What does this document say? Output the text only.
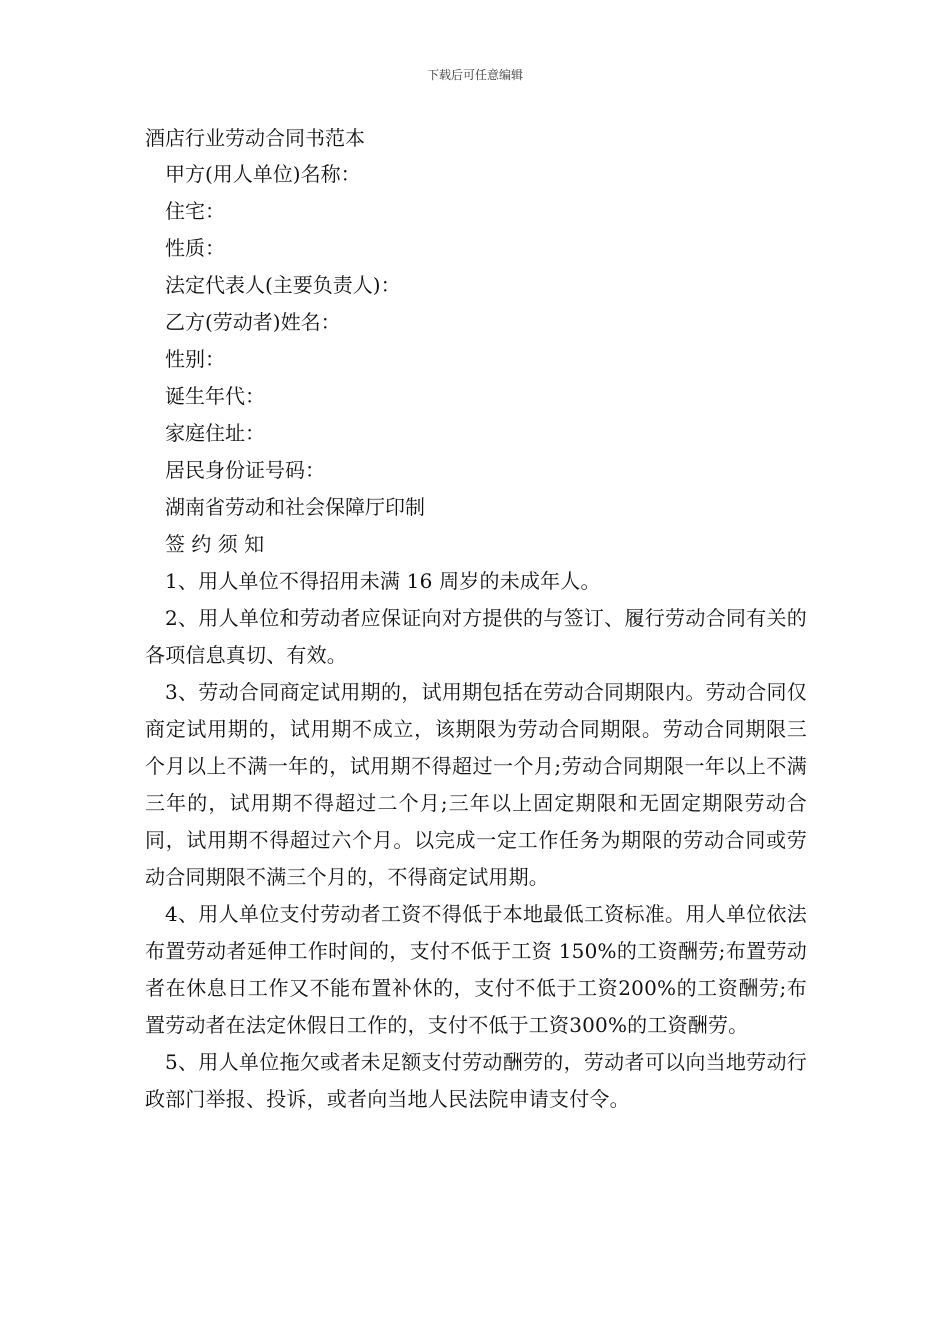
下载后可任意编辑

酒店行业劳动合同书范本

甲方(用人单位)名称：

住宅：

性质：

法定代表人(主要负责人)：

乙方(劳动者)姓名：

性别：

诞生年代：

家庭住址：

居民身份证号码：

湖南省劳动和社会保障厅印制

签 约 须 知

1、用人单位不得招用未满 16 周岁的未成年人。

2、用人单位和劳动者应保证向对方提供的与签订、履行劳动合同有关的各项信息真切、有效。

3、劳动合同商定试用期的，试用期包括在劳动合同期限内。劳动合同仅商定试用期的，试用期不成立，该期限为劳动合同期限。劳动合同期限三个月以上不满一年的，试用期不得超过一个月;劳动合同期限一年以上不满三年的，试用期不得超过二个月;三年以上固定期限和无固定期限劳动合同，试用期不得超过六个月。以完成一定工作任务为期限的劳动合同或劳动合同期限不满三个月的，不得商定试用期。

4、用人单位支付劳动者工资不得低于本地最低工资标准。用人单位依法布置劳动者延伸工作时间的，支付不低于工资 150%的工资酬劳;布置劳动者在休息日工作又不能布置补休的，支付不低于工资200%的工资酬劳;布置劳动者在法定休假日工作的，支付不低于工资300%的工资酬劳。

5、用人单位拖欠或者未足额支付劳动酬劳的，劳动者可以向当地劳动行政部门举报、投诉，或者向当地人民法院申请支付令。
